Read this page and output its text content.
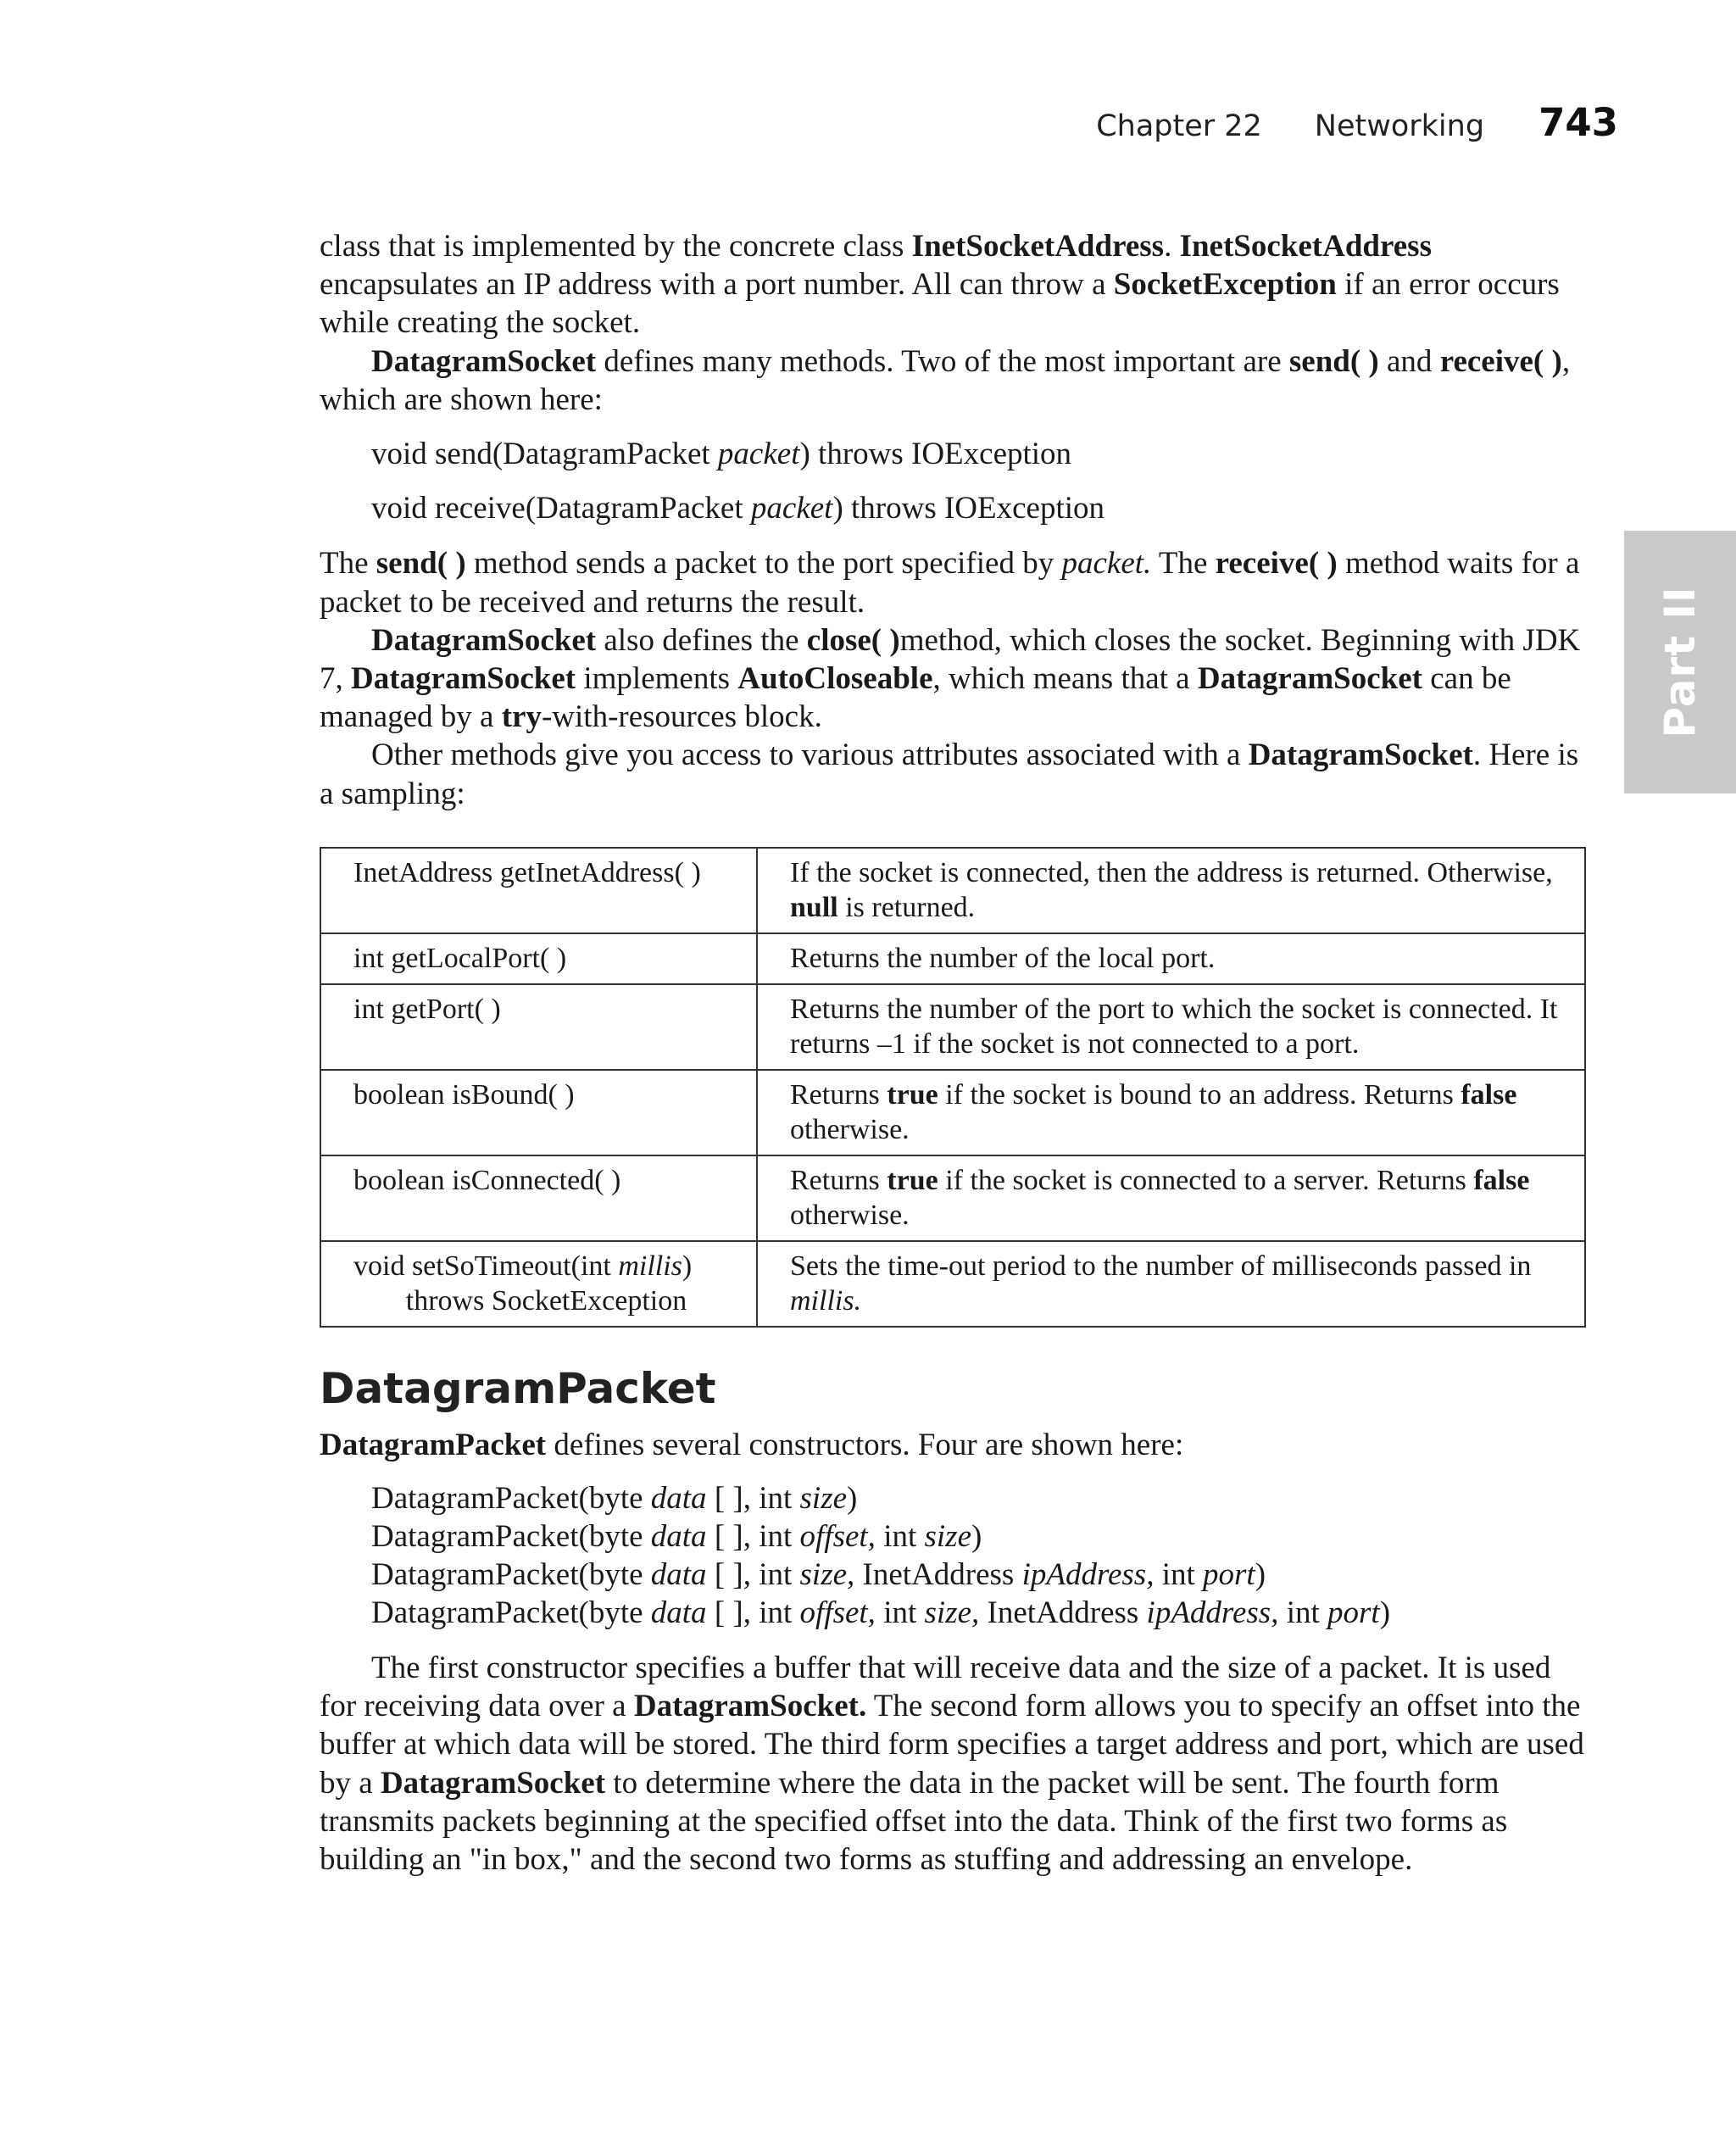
Chapter 22 Networking 743
Part II

class that is implemented by the concrete class InetSocketAddress. InetSocketAddress encapsulates an IP address with a port number. All can throw a SocketException if an error occurs while creating the socket.

DatagramSocket defines many methods. Two of the most important are send( ) and receive( ), which are shown here:

void send(DatagramPacket packet) throws IOException

void receive(DatagramPacket packet) throws IOException

The send( ) method sends a packet to the port specified by packet. The receive( ) method waits for a packet to be received and returns the result.

DatagramSocket also defines the close( )method, which closes the socket. Beginning with JDK 7, DatagramSocket implements AutoCloseable, which means that a DatagramSocket can be managed by a try-with-resources block.

Other methods give you access to various attributes associated with a DatagramSocket. Here is a sampling:

InetAddress getInetAddress( )	If the socket is connected, then the address is returned. Otherwise, null is returned.
int getLocalPort( )	Returns the number of the local port.
int getPort( )	Returns the number of the port to which the socket is connected. It returns –1 if the socket is not connected to a port.
boolean isBound( )	Returns true if the socket is bound to an address. Returns false otherwise.
boolean isConnected( )	Returns true if the socket is connected to a server. Returns false otherwise.
void setSoTimeout(int millis)
throws SocketException	Sets the time-out period to the number of milliseconds passed in millis.
DatagramPacket

DatagramPacket defines several constructors. Four are shown here:

DatagramPacket(byte data [ ], int size)

DatagramPacket(byte data [ ], int offset, int size)

DatagramPacket(byte data [ ], int size, InetAddress ipAddress, int port)

DatagramPacket(byte data [ ], int offset, int size, InetAddress ipAddress, int port)

The first constructor specifies a buffer that will receive data and the size of a packet. It is used for receiving data over a DatagramSocket. The second form allows you to specify an offset into the buffer at which data will be stored. The third form specifies a target address and port, which are used by a DatagramSocket to determine where the data in the packet will be sent. The fourth form transmits packets beginning at the specified offset into the data. Think of the first two forms as building an "in box," and the second two forms as stuffing and addressing an envelope.
